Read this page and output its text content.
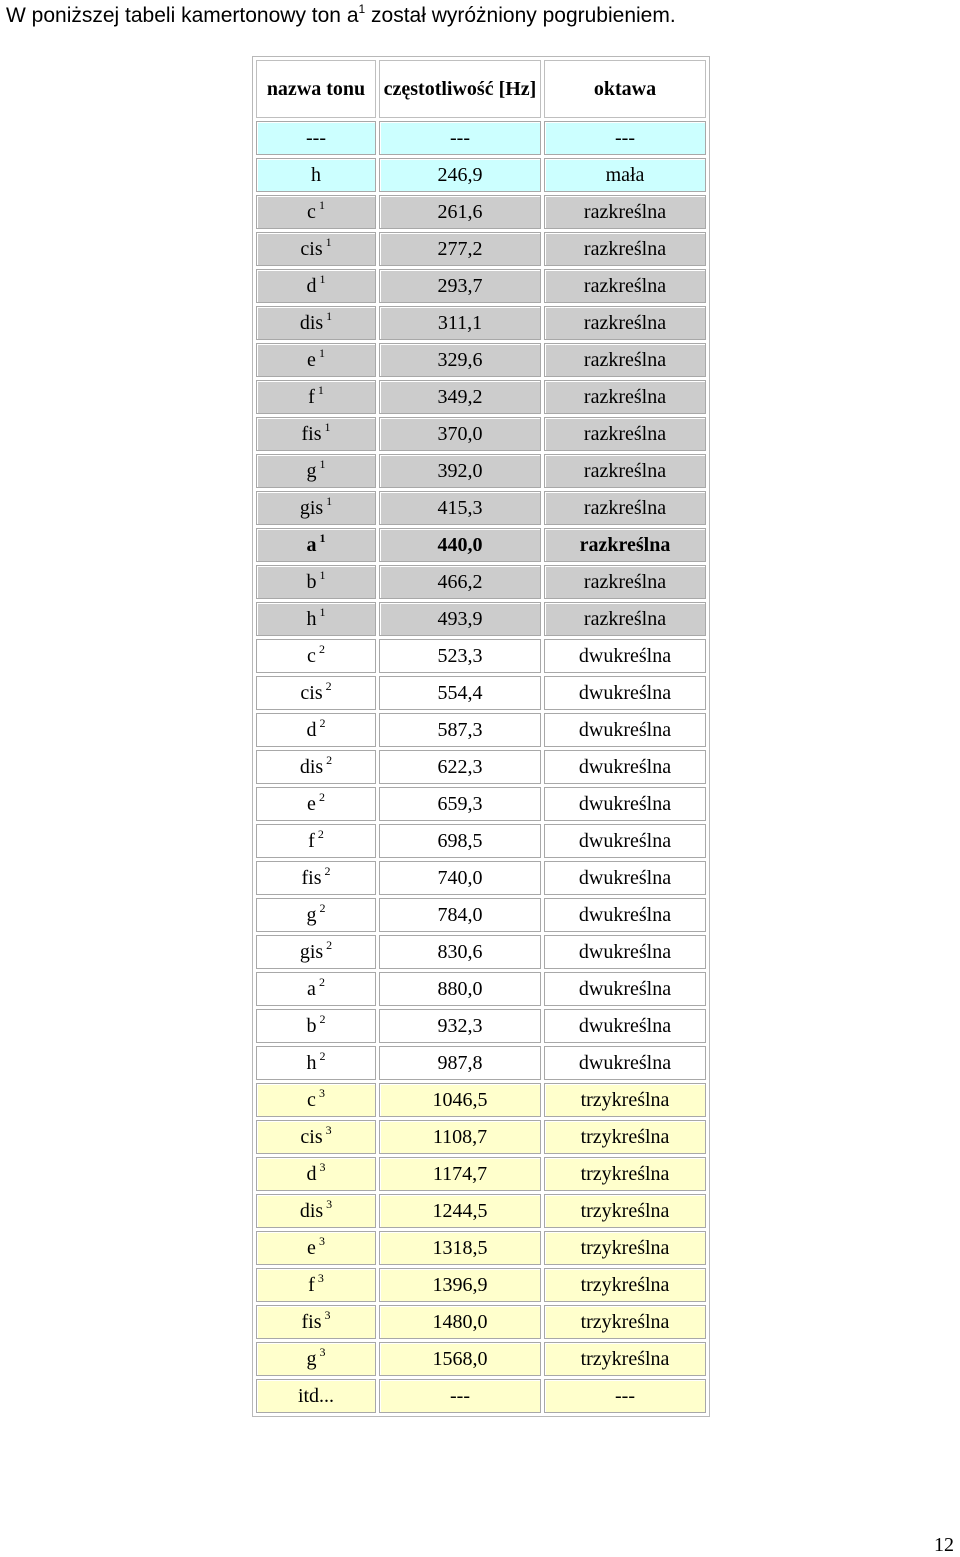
W poniższej tabeli kamertonowy ton $a^1$ został wyróżniony pogrubieniem.
nazwa tonu	częstotliwość [Hz]	oktawa
---	---	---
h	246,9	mała
c $^1$	261,6	razkreślna
cis $^1$	277,2	razkreślna
d $^1$	293,7	razkreślna
dis $^1$	311,1	razkreślna
e $^1$	329,6	razkreślna
f $^1$	349,2	razkreślna
fis $^1$	370,0	razkreślna
g $^1$	392,0	razkreślna
gis $^1$	415,3	razkreślna
a $^1$	440,0	razkreślna
b $^1$	466,2	razkreślna
h $^1$	493,9	razkreślna
c $^2$	523,3	dwukreślna
cis $^2$	554,4	dwukreślna
d $^2$	587,3	dwukreślna
dis $^2$	622,3	dwukreślna
e $^2$	659,3	dwukreślna
f $^2$	698,5	dwukreślna
fis $^2$	740,0	dwukreślna
g $^2$	784,0	dwukreślna
gis $^2$	830,6	dwukreślna
a $^2$	880,0	dwukreślna
b $^2$	932,3	dwukreślna
h $^2$	987,8	dwukreślna
c $^3$	1046,5	trzykreślna
cis $^3$	1108,7	trzykreślna
d $^3$	1174,7	trzykreślna
dis $^3$	1244,5	trzykreślna
e $^3$	1318,5	trzykreślna
f $^3$	1396,9	trzykreślna
fis $^3$	1480,0	trzykreślna
g $^3$	1568,0	trzykreślna
itd...	---	---
12
